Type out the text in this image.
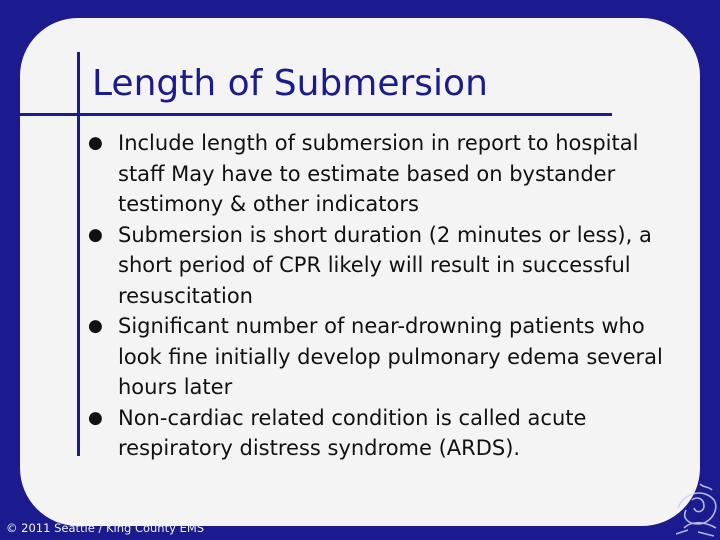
Length of Submersion
● Include length of submersion in report to hospital staff May have to estimate based on bystander testimony & other indicators
● Submersion is short duration (2 minutes or less), a short period of CPR likely will result in successful resuscitation
● Significant number of near-drowning patients who look fine initially develop pulmonary edema several hours later
● Non-cardiac related condition is called acute respiratory distress syndrome (ARDS).
© 2011 Seattle / King County EMS
